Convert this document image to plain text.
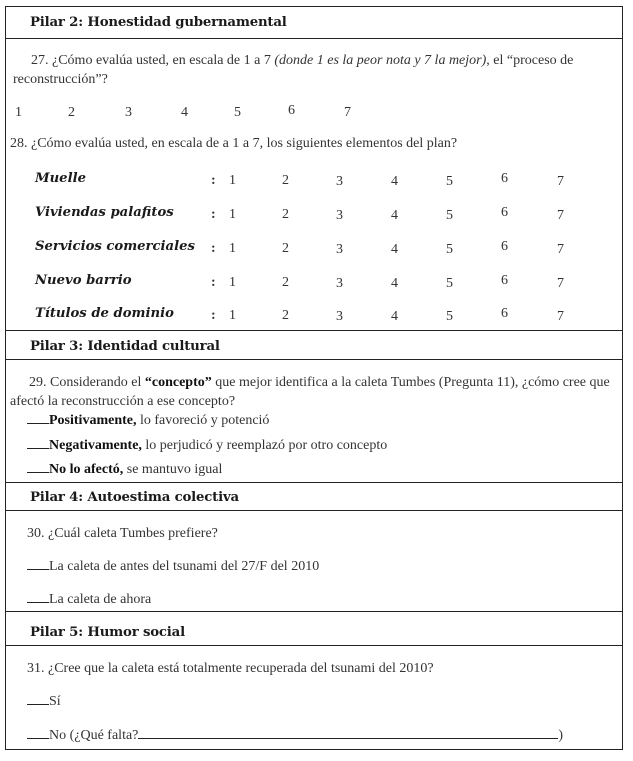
Pilar 2: Honestidad gubernamental
27. ¿Cómo evalúa usted, en escala de 1 a 7 (donde 1 es la peor nota y 7 la mejor), el “proceso de reconstrucción”?
1	2	3	4	5	6	7
28. ¿Cómo evalúa usted, en escala de a 1 a 7, los siguientes elementos del plan?
Muelle	: 1	2	3	4	5	6	7
Viviendas palafitos	: 1	2	3	4	5	6	7
Servicios comerciales : 1	2	3	4	5	6	7
Nuevo barrio	: 1	2	3	4	5	6	7
Títulos de dominio	: 1	2	3	4	5	6	7
Pilar 3: Identidad cultural
29. Considerando el “concepto” que mejor identifica a la caleta Tumbes (Pregunta 11), ¿cómo cree que afectó la reconstrucción a ese concepto?
Positivamente, lo favoreció y potenció
Negativamente, lo perjudicó y reemplazó por otro concepto
No lo afectó, se mantuvo igual
Pilar 4: Autoestima colectiva
30. ¿Cuál caleta Tumbes prefiere?
La caleta de antes del tsunami del 27/F del 2010
La caleta de ahora
Pilar 5: Humor social
31. ¿Cree que la caleta está totalmente recuperada del tsunami del 2010?
Sí
No (¿Qué falta?	)
